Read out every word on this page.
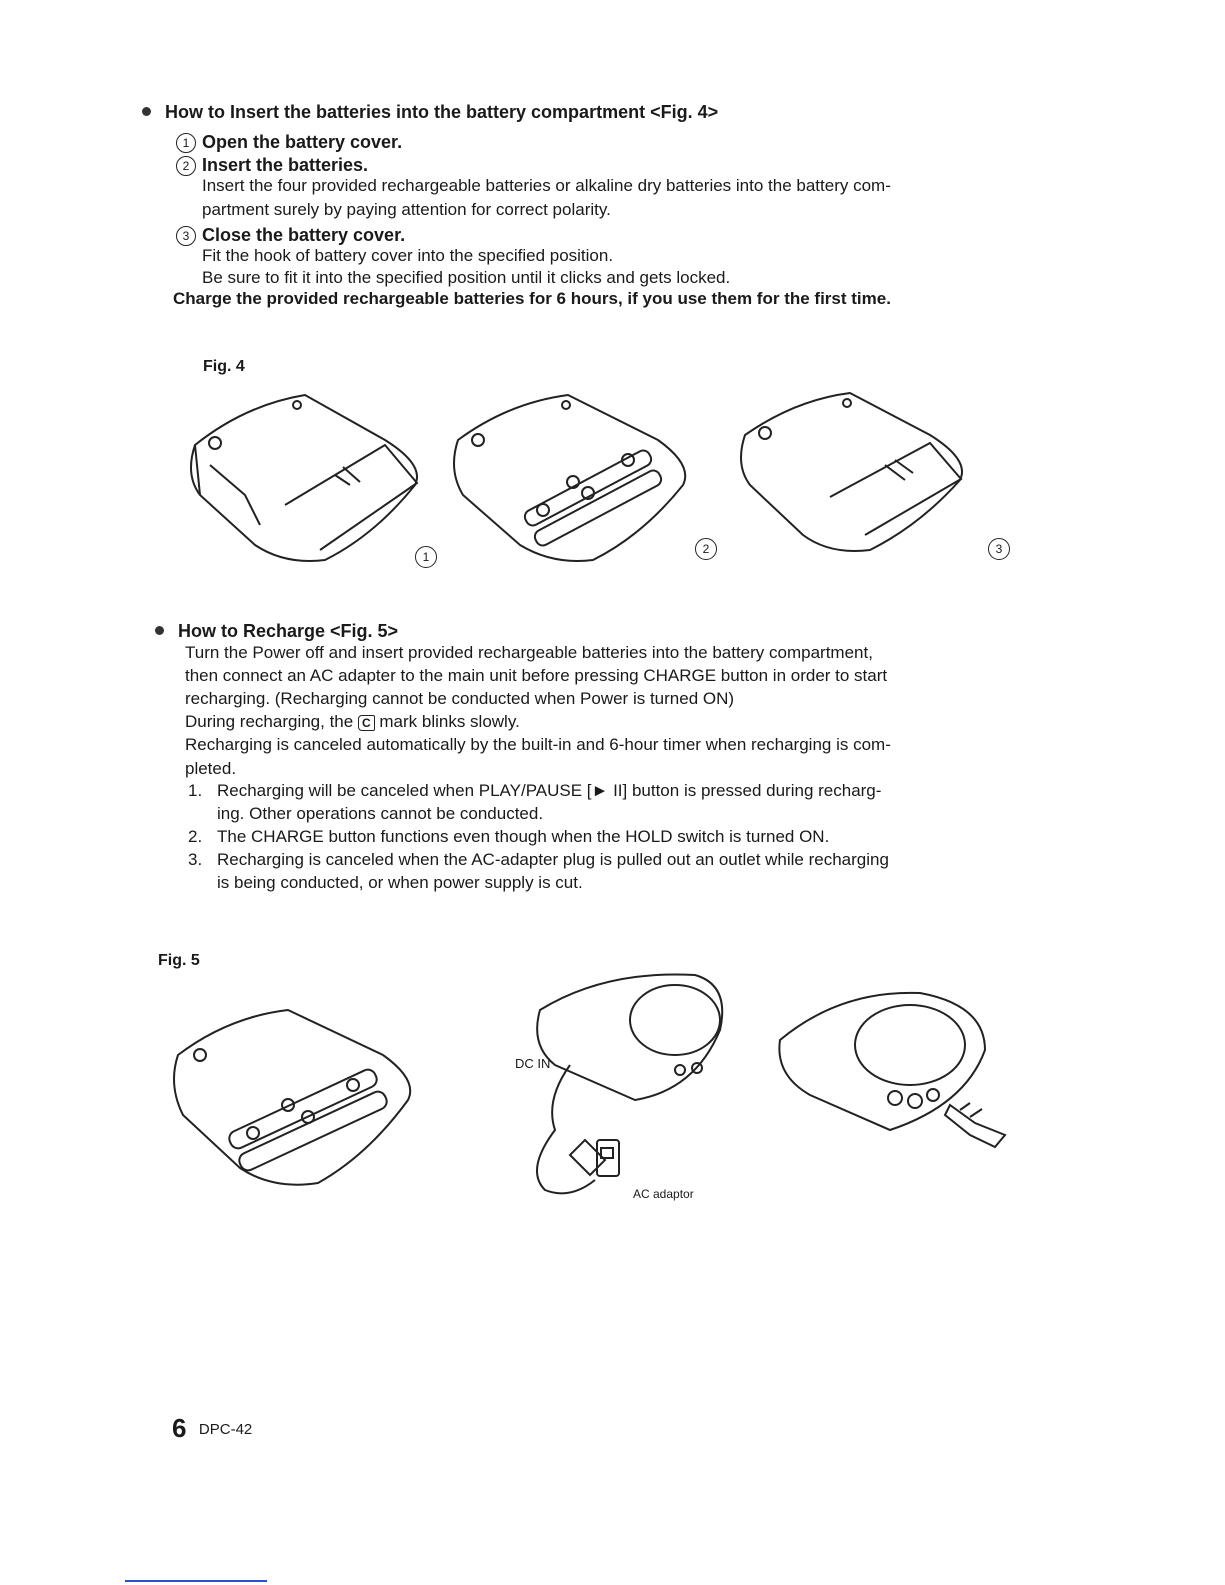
How to Insert the batteries into the battery compartment <Fig. 4>
1 Open the battery cover.
2 Insert the batteries.
Insert the four provided rechargeable batteries or alkaline dry batteries into the battery com-
partment surely by paying attention for correct polarity.
3 Close the battery cover.
Fit the hook of battery cover into the specified position.
Be sure to fit it into the specified position until it clicks and gets locked.
Charge the provided rechargeable batteries for 6 hours, if you use them for the first time.
Fig. 4
1
2	3
How to Recharge <Fig. 5>
Turn the Power off and insert provided rechargeable batteries into the battery compartment,
then connect an AC adapter to the main unit before pressing CHARGE button in order to start
recharging. (Recharging cannot be conducted when Power is turned ON)
During recharging, the C mark blinks slowly.
Recharging is canceled automatically by the built-in and 6-hour timer when recharging is com-
pleted.
1. Recharging will be canceled when PLAY/PAUSE [► II] button is pressed during recharg-
ing. Other operations cannot be conducted.
2. The CHARGE button functions even though when the HOLD switch is turned ON.
3. Recharging is canceled when the AC-adapter plug is pulled out an outlet while recharging
is being conducted, or when power supply is cut.
Fig. 5
DC IN
AC adaptor
6 DPC-42
